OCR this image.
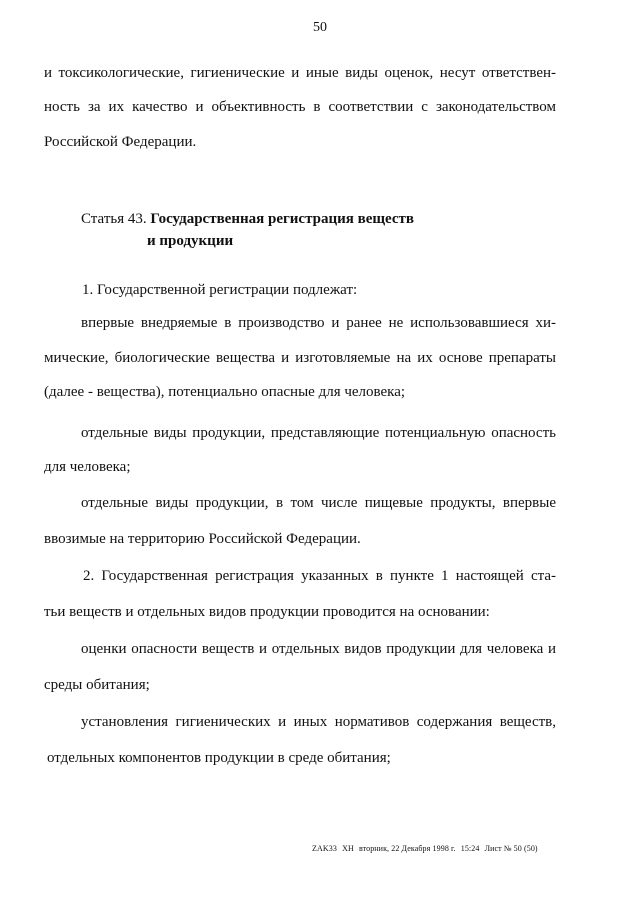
50
и токсикологические, гигиенические и иные виды оценок, несут ответствен-
ность за их качество и объективность в соответствии с законодательством
Российской Федерации.
Статья 43. Государственная регистрация веществ
и продукции
1. Государственной регистрации подлежат:
впервые внедряемые в производство и ранее не использовавшиеся хи-
мические, биологические вещества и изготовляемые на их основе препараты
(далее - вещества), потенциально опасные для человека;
отдельные виды продукции, представляющие потенциальную опасность
для человека;
отдельные виды продукции, в том числе пищевые продукты, впервые
ввозимые на территорию Российской Федерации.
2. Государственная регистрация указанных в пункте 1 настоящей ста-
тьи веществ и отдельных видов продукции проводится на основании:
оценки опасности веществ и отдельных видов продукции для человека и
среды обитания;
установления гигиенических и иных нормативов содержания веществ,
отдельных компонентов продукции в среде обитания;
ZAK33 XH вторник, 22 Декабря 1998 г. 15:24 Лист № 50 (50)
